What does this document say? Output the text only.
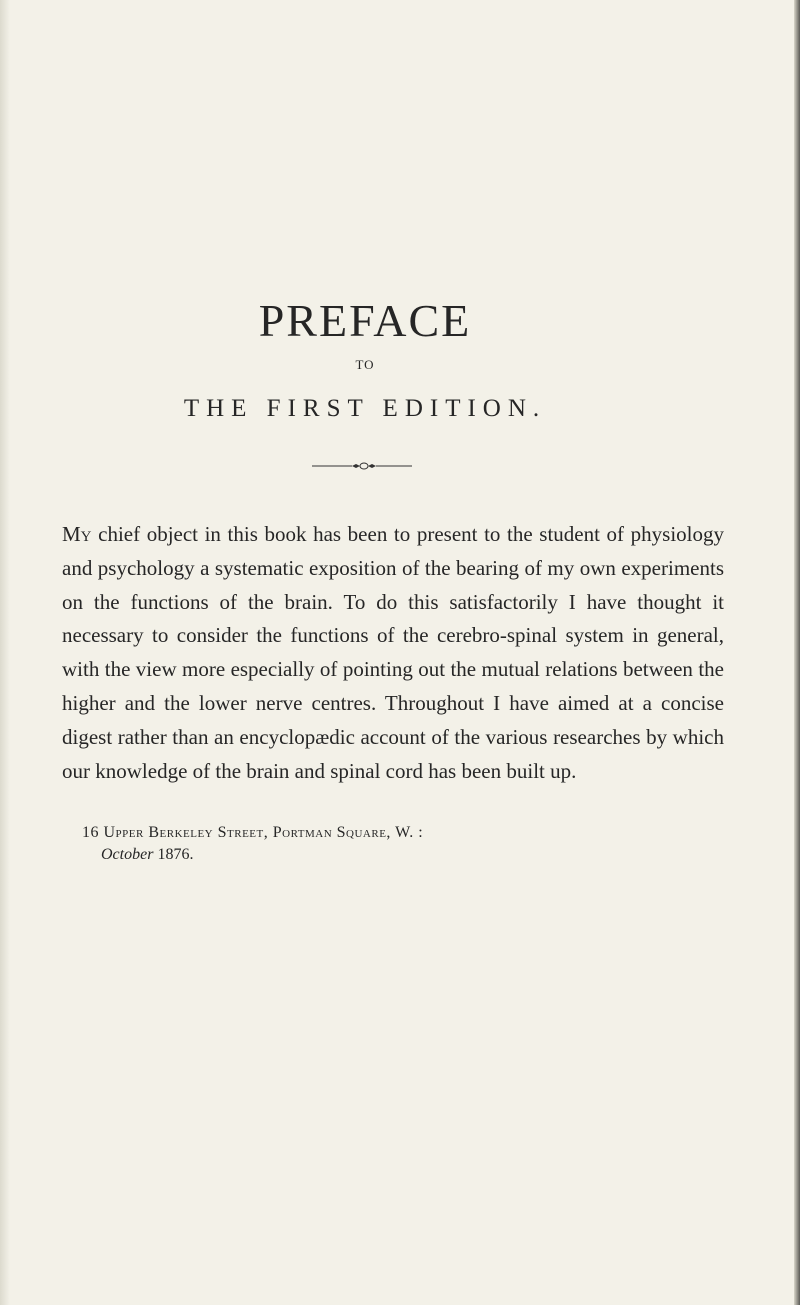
PREFACE
TO
THE FIRST EDITION.

My chief object in this book has been to present to the student of physiology and psychology a systematic exposition of the bearing of my own experiments on the functions of the brain. To do this satisfactorily I have thought it necessary to consider the functions of the cerebro-spinal system in general, with the view more especially of pointing out the mutual relations between the higher and the lower nerve centres. Throughout I have aimed at a concise digest rather than an encyclopædic account of the various researches by which our knowledge of the brain and spinal cord has been built up.

16 Upper Berkeley Street, Portman Square, W. :
October 1876.
